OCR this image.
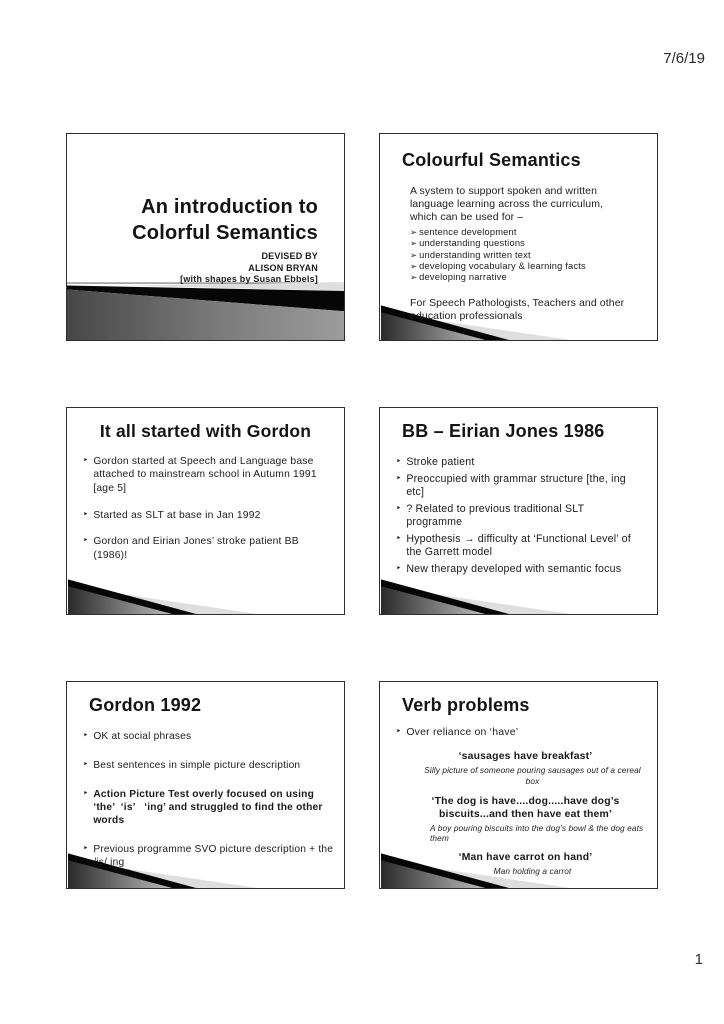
7/6/19
An introduction to
Colorful Semantics
DEVISED BY
ALISON BRYAN
[with shapes by Susan Ebbels]
Colourful Semantics
A system to support spoken and written language learning across the curriculum, which can be used for –
➢ sentence development
➢ understanding questions
➢ understanding written text
➢ developing vocabulary & learning facts
➢ developing narrative
For Speech Pathologists, Teachers and other education professionals
It all started with Gordon
‣ Gordon started at Speech and Language base attached to mainstream school in Autumn 1991 [age 5]
‣ Started as SLT at base in Jan 1992
‣ Gordon and Eirian Jones’ stroke patient BB (1986)!
BB – Eirian Jones 1986
‣ Stroke patient
‣ Preoccupied with grammar structure [the, ing etc]
‣ ? Related to previous traditional SLT programme
‣ Hypothesis → difficulty at ‘Functional Level’ of the Garrett model
‣ New therapy developed with semantic focus
Gordon 1992
‣ OK at social phrases
‣ Best sentences in simple picture description
‣ Action Picture Test overly focused on using ‘the’  ‘is’   ‘ing’ and struggled to find the other words
‣ Previous programme SVO picture description + the /is/ ing
Verb problems
‣ Over reliance on ‘have’
‘sausages have breakfast’
Silly picture of someone pouring sausages out of a cereal box
‘The dog is have....dog.....have dog’s biscuits...and then have eat them’
A boy pouring biscuits into the dog’s bowl & the dog eats them
‘Man have carrot on hand’
Man holding a carrot
1
